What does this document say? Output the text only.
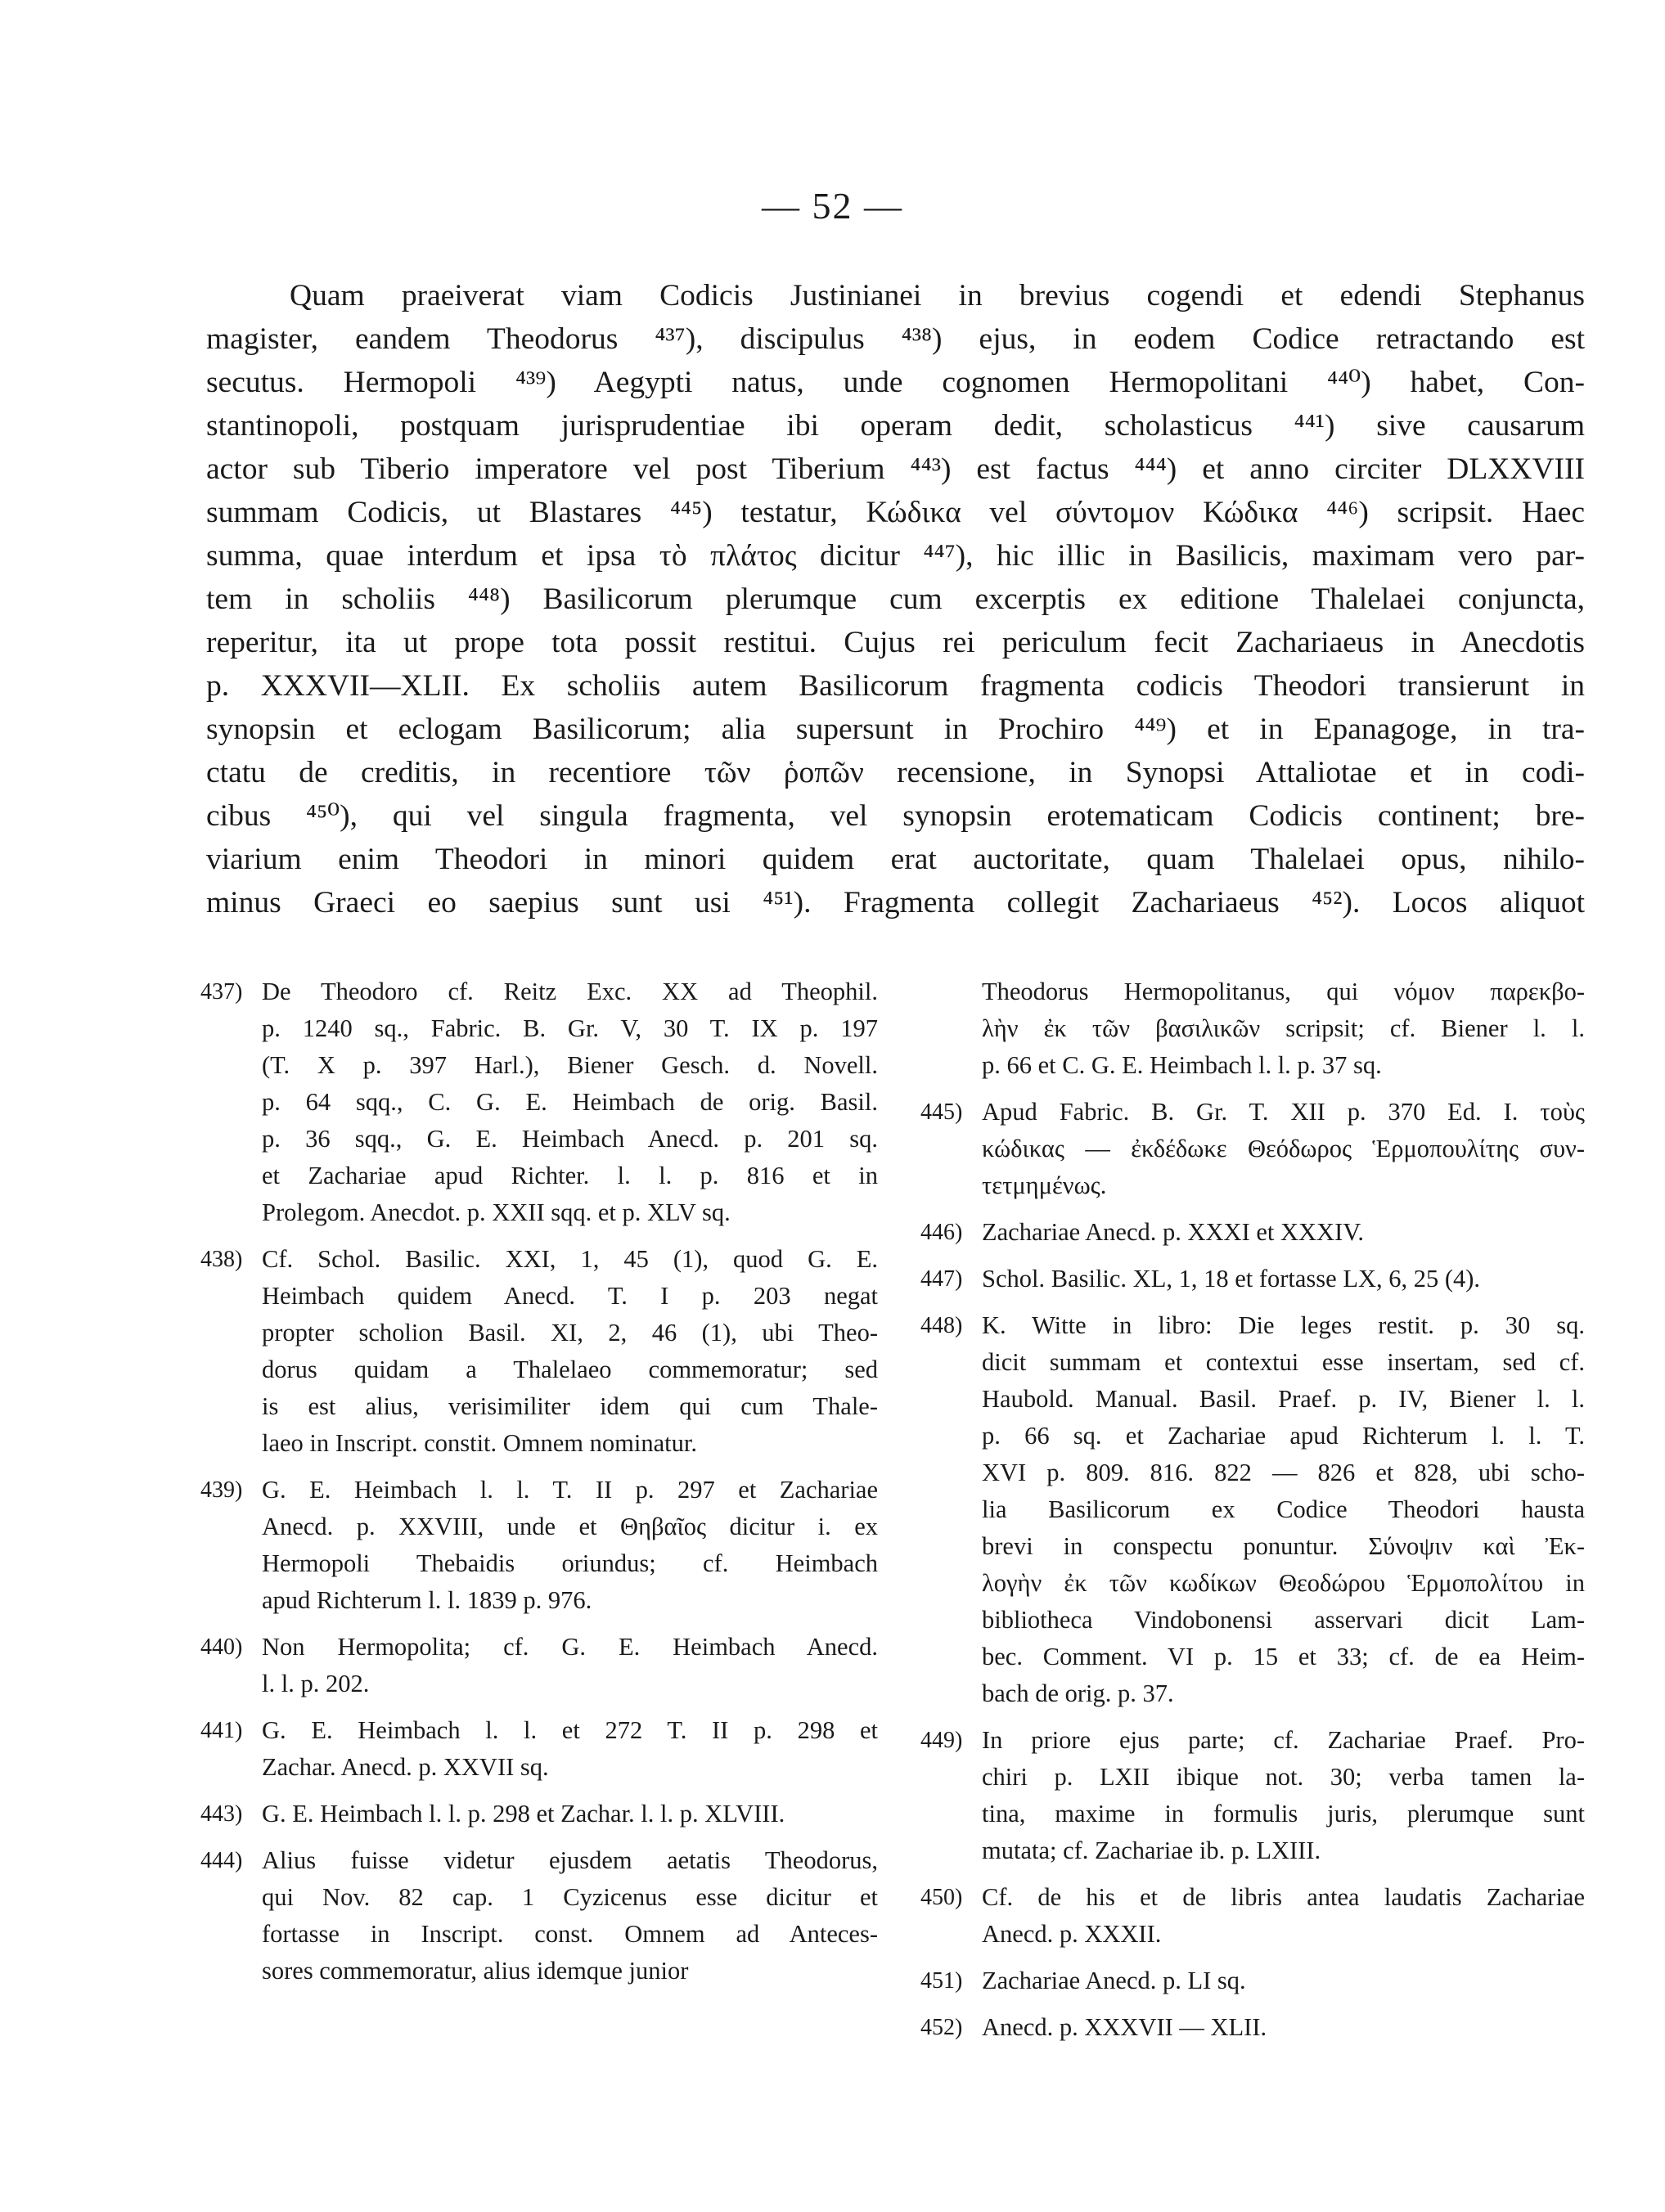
— 52 —

Quam praeiverat viam Codicis Justinianei in brevius cogendi et edendi Stephanus

magister, eandem Theodorus ⁴³⁷), discipulus ⁴³⁸) ejus, in eodem Codice retractando est

secutus. Hermopoli ⁴³⁹) Aegypti natus, unde cognomen Hermopolitani ⁴⁴⁰) habet, Con-

stantinopoli, postquam jurisprudentiae ibi operam dedit, scholasticus ⁴⁴¹) sive causarum

actor sub Tiberio imperatore vel post Tiberium ⁴⁴³) est factus ⁴⁴⁴) et anno circiter DLXXVIII

summam Codicis, ut Blastares ⁴⁴⁵) testatur, Κώδικα vel σύντομον Κώδικα ⁴⁴⁶) scripsit. Haec

summa, quae interdum et ipsa τὸ πλάτος dicitur ⁴⁴⁷), hic illic in Basilicis, maximam vero par-

tem in scholiis ⁴⁴⁸) Basilicorum plerumque cum excerptis ex editione Thalelaei conjuncta,

reperitur, ita ut prope tota possit restitui. Cujus rei periculum fecit Zachariaeus in Anecdotis

p. XXXVII—XLII. Ex scholiis autem Basilicorum fragmenta codicis Theodori transierunt in

synopsin et eclogam Basilicorum; alia supersunt in Prochiro ⁴⁴⁹) et in Epanagoge, in tra-

ctatu de creditis, in recentiore τῶν ῥοπῶν recensione, in Synopsi Attaliotae et in codi-

cibus ⁴⁵⁰), qui vel singula fragmenta, vel synopsin erotematicam Codicis continent; bre-

viarium enim Theodori in minori quidem erat auctoritate, quam Thalelaei opus, nihilo-

minus Graeci eo saepius sunt usi ⁴⁵¹). Fragmenta collegit Zachariaeus ⁴⁵²). Locos aliquot

437) De Theodoro cf. Reitz Exc. XX ad Theophil.
p. 1240 sq., Fabric. B. Gr. V, 30 T. IX p. 197
(T. X p. 397 Harl.), Biener Gesch. d. Novell.
p. 64 sqq., C. G. E. Heimbach de orig. Basil.
p. 36 sqq., G. E. Heimbach Anecd. p. 201 sq.
et Zachariae apud Richter. l. l. p. 816 et in
Prolegom. Anecdot. p. XXII sqq. et p. XLV sq.
438) Cf. Schol. Basilic. XXI, 1, 45 (1), quod G. E.
Heimbach quidem Anecd. T. I p. 203 negat
propter scholion Basil. XI, 2, 46 (1), ubi Theo-
dorus quidam a Thalelaeo commemoratur; sed
is est alius, verisimiliter idem qui cum Thale-
laeo in Inscript. constit. Omnem nominatur.
439) G. E. Heimbach l. l. T. II p. 297 et Zachariae
Anecd. p. XXVIII, unde et Θηβαῖος dicitur i. ex
Hermopoli Thebaidis oriundus; cf. Heimbach
apud Richterum l. l. 1839 p. 976.
440) Non Hermopolita; cf. G. E. Heimbach Anecd.
l. l. p. 202.
441) G. E. Heimbach l. l. et 272 T. II p. 298 et
Zachar. Anecd. p. XXVII sq.
443) G. E. Heimbach l. l. p. 298 et Zachar. l. l. p. XLVIII.
444) Alius fuisse videtur ejusdem aetatis Theodorus,
qui Nov. 82 cap. 1 Cyzicenus esse dicitur et
fortasse in Inscript. const. Omnem ad Anteces-
sores commemoratur, alius idemque junior
Theodorus Hermopolitanus, qui νόμον παρεκβο-
λὴν ἐκ τῶν βασιλικῶν scripsit; cf. Biener l. l.
p. 66 et C. G. E. Heimbach l. l. p. 37 sq.
445) Apud Fabric. B. Gr. T. XII p. 370 Ed. I. τοὺς
κώδικας — ἐκδέδωκε Θεόδωρος Ἑρμοπουλίτης συν-
τετμημένως.
446) Zachariae Anecd. p. XXXI et XXXIV.
447) Schol. Basilic. XL, 1, 18 et fortasse LX, 6, 25 (4).
448) K. Witte in libro: Die leges restit. p. 30 sq.
dicit summam et contextui esse insertam, sed cf.
Haubold. Manual. Basil. Praef. p. IV, Biener l. l.
p. 66 sq. et Zachariae apud Richterum l. l. T.
XVI p. 809. 816. 822 — 826 et 828, ubi scho-
lia Basilicorum ex Codice Theodori hausta
brevi in conspectu ponuntur. Σύνοψιν καὶ Ἐκ-
λογὴν ἐκ τῶν κωδίκων Θεοδώρου Ἑρμοπολίτου in
bibliotheca Vindobonensi asservari dicit Lam-
bec. Comment. VI p. 15 et 33; cf. de ea Heim-
bach de orig. p. 37.
449) In priore ejus parte; cf. Zachariae Praef. Pro-
chiri p. LXII ibique not. 30; verba tamen la-
tina, maxime in formulis juris, plerumque sunt
mutata; cf. Zachariae ib. p. LXIII.
450) Cf. de his et de libris antea laudatis Zachariae
Anecd. p. XXXII.
451) Zachariae Anecd. p. LI sq.
452) Anecd. p. XXXVII — XLII.
